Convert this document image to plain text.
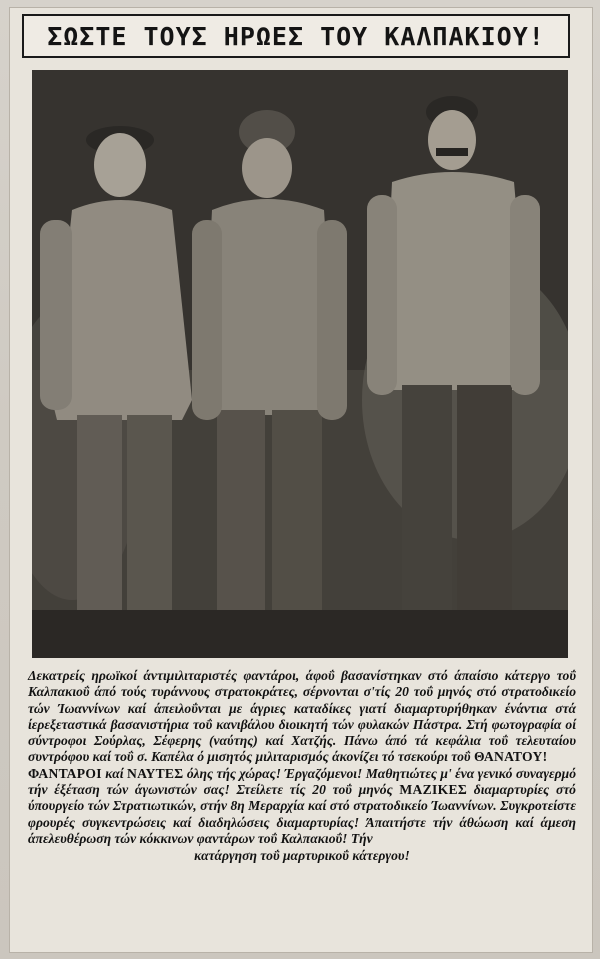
ΣΩΣΤΕ ΤΟΥΣ ΗΡΩΕΣ ΤΟΥ ΚΑΛΠΑΚΙΟΥ!

Δεκατρείς ηρωϊκοί άντιμιλιταριστές φαντάροι, άφοΰ βασανίστηκαν στό άπαίσιο κάτεργο τοΰ Καλπακιοΰ άπό τούς τυράννους στρατοκράτες, σέρνονται σ'τίς 20 τοΰ μηνός στό στρατοδικείο τών Ίωαννίνων καί άπειλοΰνται με άγριες καταδίκες γιατί διαμαρτυρήθηκαν ένάντια στά ίερεξεταστικά βασανιστήρια τοΰ κανιβάλου διοικητή τών φυλακών Πάστρα. Στή φωτογραφία οί σύντροφοι Σούρλας, Σέφερης (ναύτης) καί Χατζής. Πάνω άπό τά κεφάλια τοΰ τελευταίου συντρόφου καί τοΰ σ. Καπέλα ό μισητός μιλιταρισμός άκονίζει τό τσεκούρι τοΰ ΘΑΝΑΤΟΥ!

ΦΑΝΤΑΡΟΙ καί ΝΑΥΤΕΣ όλης τής χώρας! Έργαζόμενοι! Μαθητιώτες μ' ένα γενικό συναγερμό τήν έξέταση τών άγωνιστών σας! Στείλετε τίς 20 τοΰ μηνός ΜΑΖΙΚΕΣ διαμαρτυρίες στό ύπουργείο τών Στρατιωτικών, στήν 8η Μεραρχία καί στό στρατοδικείο Ίωαννίνων. Συγκροτείστε φρουρές συγκεντρώσεις καί διαδηλώσεις διαμαρτυρίας! Άπαιτήστε τήν άθώωση καί άμεση άπελευθέρωση τών κόκκινων φαντάρων τοΰ Καλπακιοΰ! Τήν

κατάργηση τοΰ μαρτυρικοΰ κάτεργου!
